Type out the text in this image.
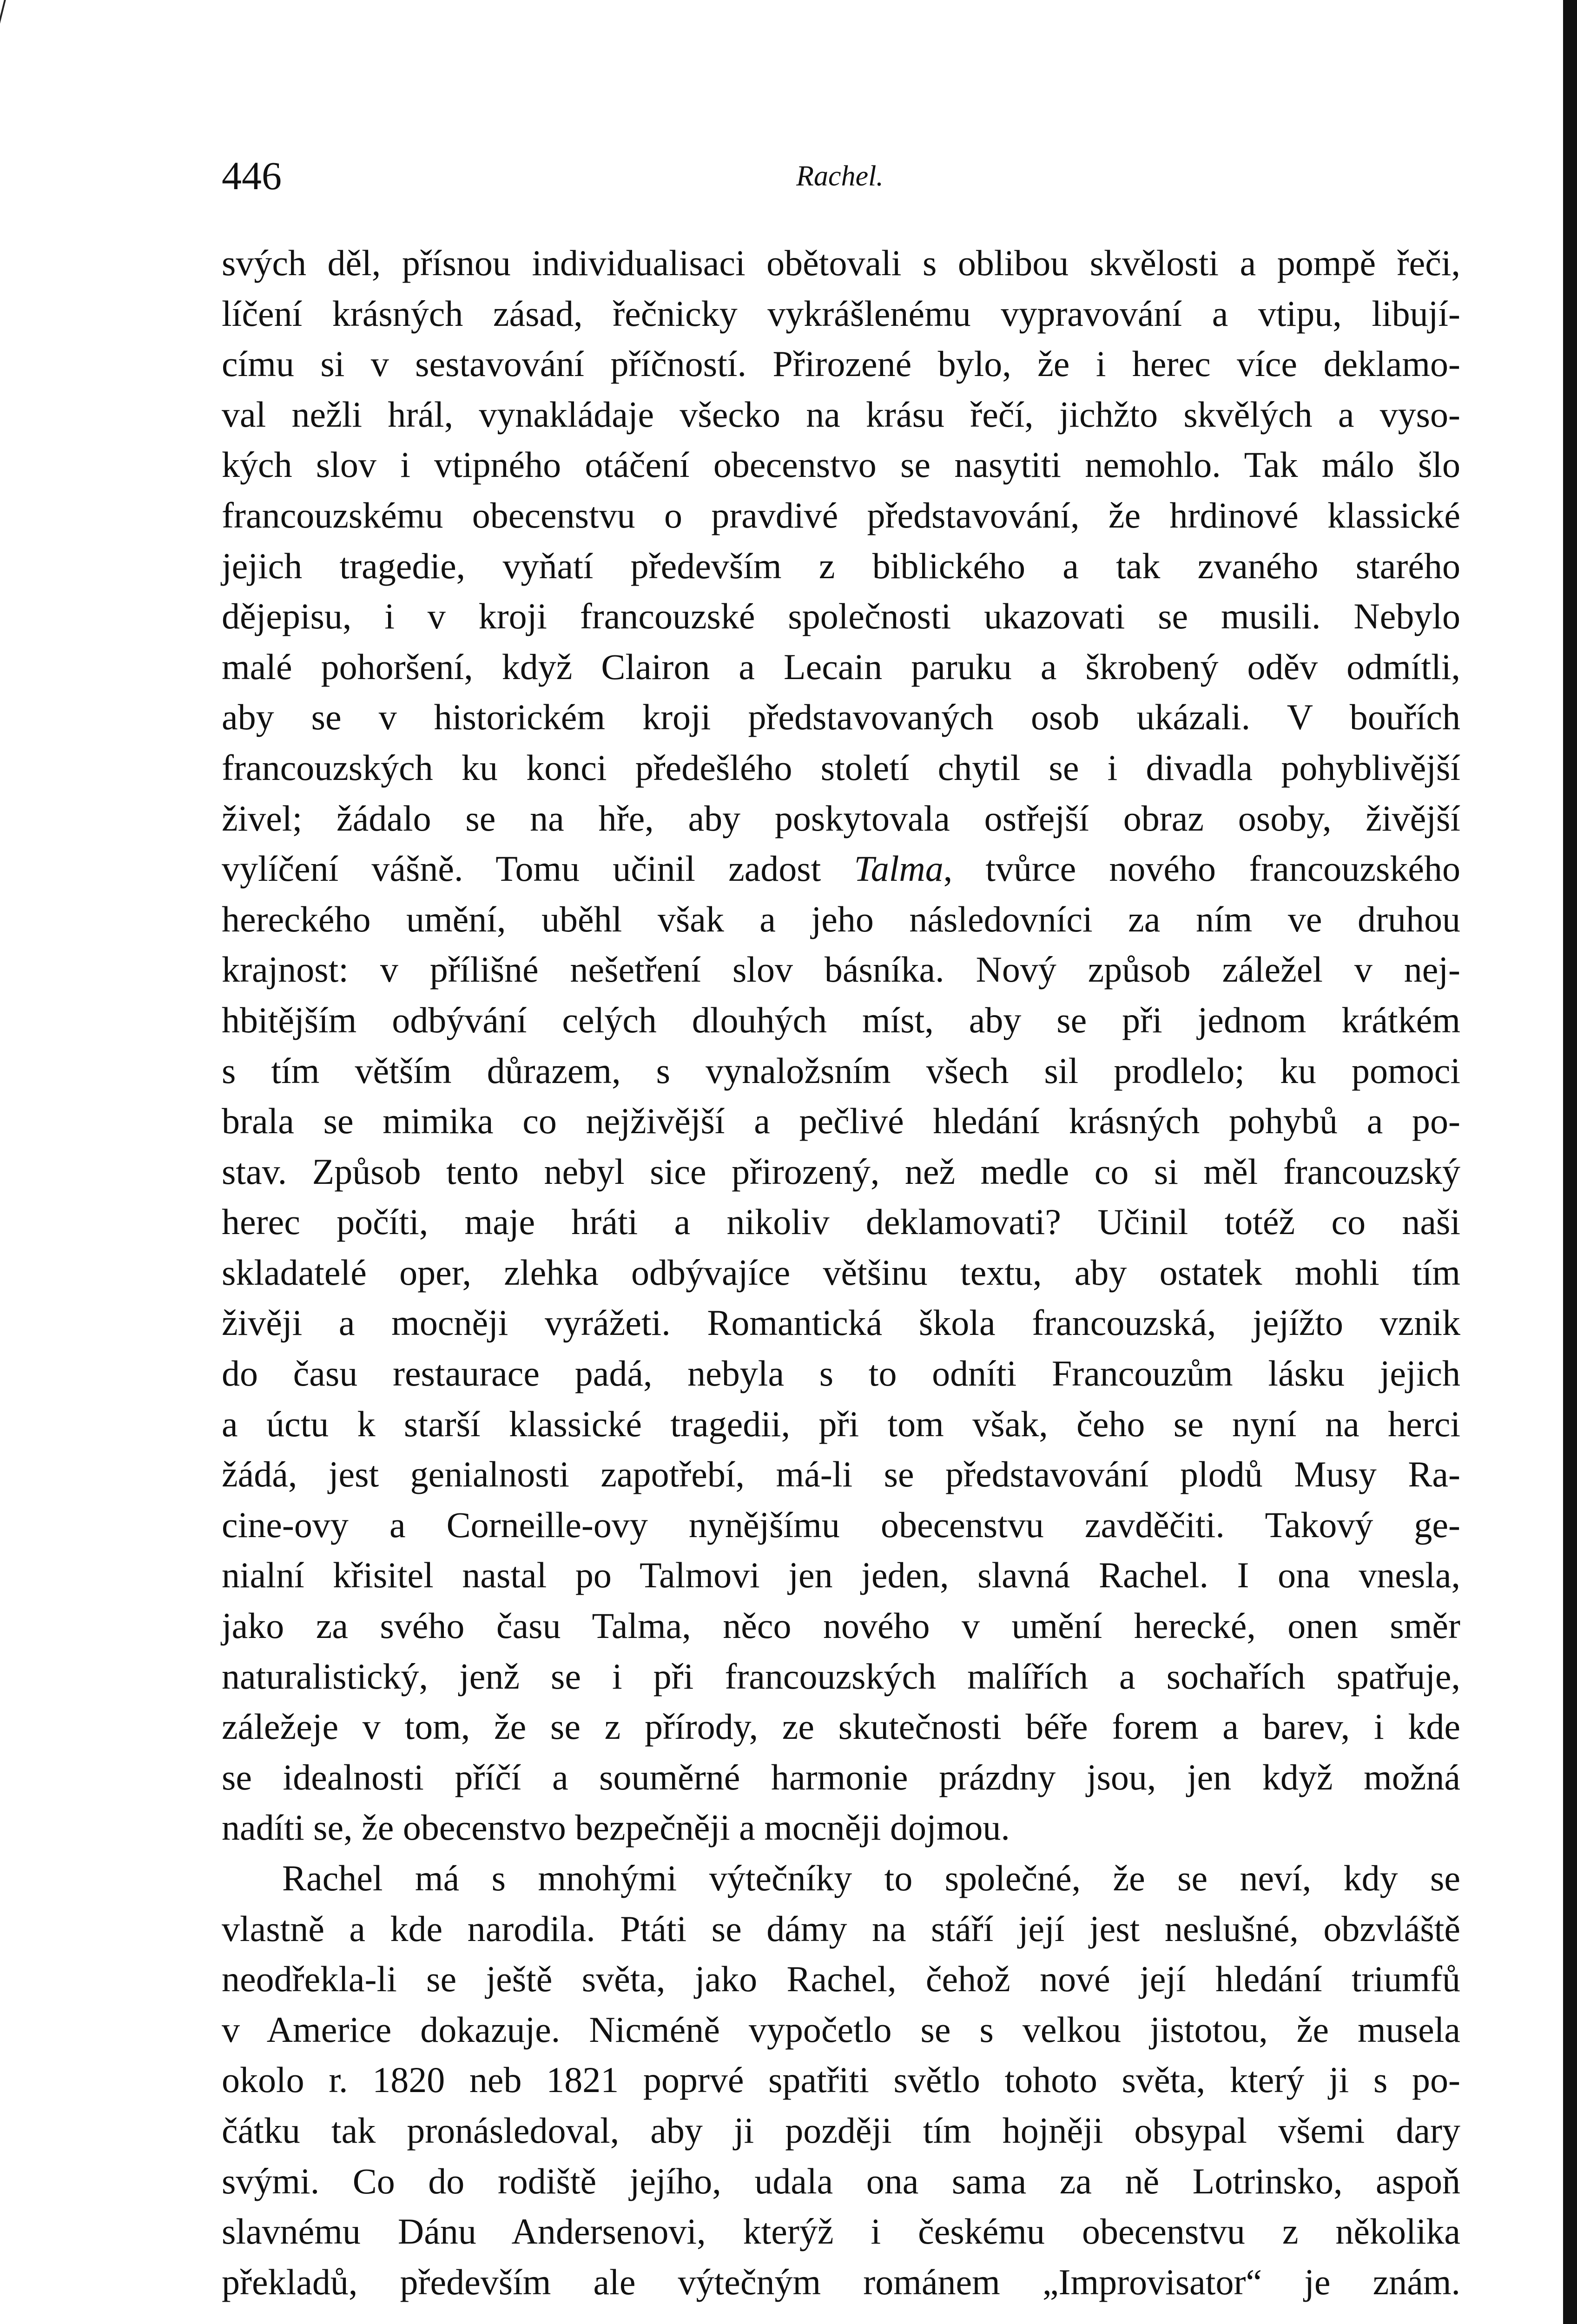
446	Rachel.
svých děl, přísnou individualisaci obětovali s oblibou skvělosti a pompě řeči,
líčení krásných zásad, řečnicky vykrášlenému vypravování a vtipu, libují-
címu si v sestavování příčností. Přirozené bylo, že i herec více deklamo-
val nežli hrál, vynakládaje všecko na krásu řečí, jichžto skvělých a vyso-
kých slov i vtipného otáčení obecenstvo se nasytiti nemohlo. Tak málo šlo
francouzskému obecenstvu o pravdivé představování, že hrdinové klassické
jejich tragedie, vyňatí především z biblického a tak zvaného starého
dějepisu, i v kroji francouzské společnosti ukazovati se musili. Nebylo
malé pohoršení, když Clairon a Lecain paruku a škrobený oděv odmítli,
aby se v historickém kroji představovaných osob ukázali. V bouřích
francouzských ku konci předešlého století chytil se i divadla pohyblivější
živel; žádalo se na hře, aby poskytovala ostřejší obraz osoby, živější
vylíčení vášně. Tomu učinil zadost Talma, tvůrce nového francouzského
hereckého umění, uběhl však a jeho následovníci za ním ve druhou
krajnost: v přílišné nešetření slov básníka. Nový způsob záležel v nej-
hbitějším odbývání celých dlouhých míst, aby se při jednom krátkém
s tím větším důrazem, s vynaložsním všech sil prodlelo; ku pomoci
brala se mimika co nejživější a pečlivé hledání krásných pohybů a po-
stav. Způsob tento nebyl sice přirozený, než medle co si měl francouzský
herec počíti, maje hráti a nikoliv deklamovati? Učinil totéž co naši
skladatelé oper, zlehka odbývajíce většinu textu, aby ostatek mohli tím
živěji a mocněji vyrážeti. Romantická škola francouzská, jejížto vznik
do času restaurace padá, nebyla s to odníti Francouzům lásku jejich
a úctu k starší klassické tragedii, při tom však, čeho se nyní na herci
žádá, jest genialnosti zapotřebí, má-li se představování plodů Musy Ra-
cine-ovy a Corneille-ovy nynějšímu obecenstvu zavděčiti. Takový ge-
nialní křisitel nastal po Talmovi jen jeden, slavná Rachel. I ona vnesla,
jako za svého času Talma, něco nového v umění herecké, onen směr
naturalistický, jenž se i při francouzských malířích a sochařích spatřuje,
záležeje v tom, že se z přírody, ze skutečnosti béře forem a barev, i kde
se idealnosti příčí a souměrné harmonie prázdny jsou, jen když možná
nadíti se, že obecenstvo bezpečněji a mocněji dojmou.
Rachel má s mnohými výtečníky to společné, že se neví, kdy se
vlastně a kde narodila. Ptáti se dámy na stáří její jest neslušné, obzvláště
neodřekla-li se ještě světa, jako Rachel, čehož nové její hledání triumfů
v Americe dokazuje. Nicméně vypočetlo se s velkou jistotou, že musela
okolo r. 1820 neb 1821 poprvé spatřiti světlo tohoto světa, který ji s po-
čátku tak pronásledoval, aby ji později tím hojněji obsypal všemi dary
svými. Co do rodiště jejího, udala ona sama za ně Lotrinsko, aspoň
slavnému Dánu Andersenovi, kterýž i českému obecenstvu z několika
překladů, především ale výtečným románem „Improvisator“ je znám.
